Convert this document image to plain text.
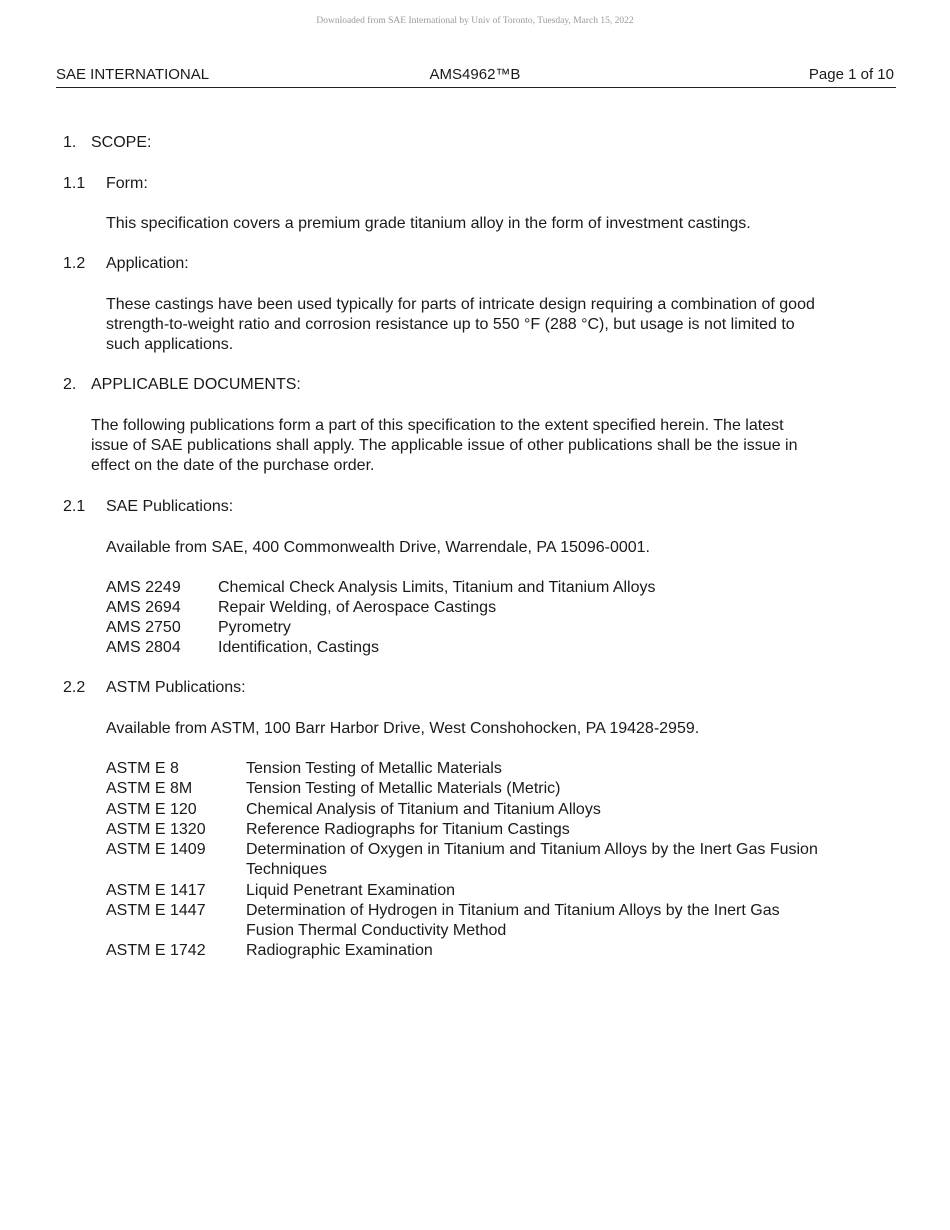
Downloaded from SAE International by Univ of Toronto, Tuesday, March 15, 2022
SAE INTERNATIONAL	AMS4962™B	Page 1 of 10
1. SCOPE:
1.1 Form:
This specification covers a premium grade titanium alloy in the form of investment castings.
1.2 Application:
These castings have been used typically for parts of intricate design requiring a combination of good
strength-to-weight ratio and corrosion resistance up to 550 °F (288 °C), but usage is not limited to
such applications.
2. APPLICABLE DOCUMENTS:
The following publications form a part of this specification to the extent specified herein. The latest
issue of SAE publications shall apply. The applicable issue of other publications shall be the issue in
effect on the date of the purchase order.
2.1 SAE Publications:
Available from SAE, 400 Commonwealth Drive, Warrendale, PA 15096-0001.
AMS 2249 Chemical Check Analysis Limits, Titanium and Titanium Alloys
AMS 2694 Repair Welding, of Aerospace Castings
AMS 2750 Pyrometry
AMS 2804 Identification, Castings
2.2 ASTM Publications:
Available from ASTM, 100 Barr Harbor Drive, West Conshohocken, PA 19428-2959.
ASTM E 8	Tension Testing of Metallic Materials
ASTM E 8M	Tension Testing of Metallic Materials (Metric)
ASTM E 120	Chemical Analysis of Titanium and Titanium Alloys
ASTM E 1320	Reference Radiographs for Titanium Castings
ASTM E 1409	Determination of Oxygen in Titanium and Titanium Alloys by the Inert Gas Fusion
Techniques
ASTM E 1417	Liquid Penetrant Examination
ASTM E 1447	Determination of Hydrogen in Titanium and Titanium Alloys by the Inert Gas
Fusion Thermal Conductivity Method
ASTM E 1742	Radiographic Examination
